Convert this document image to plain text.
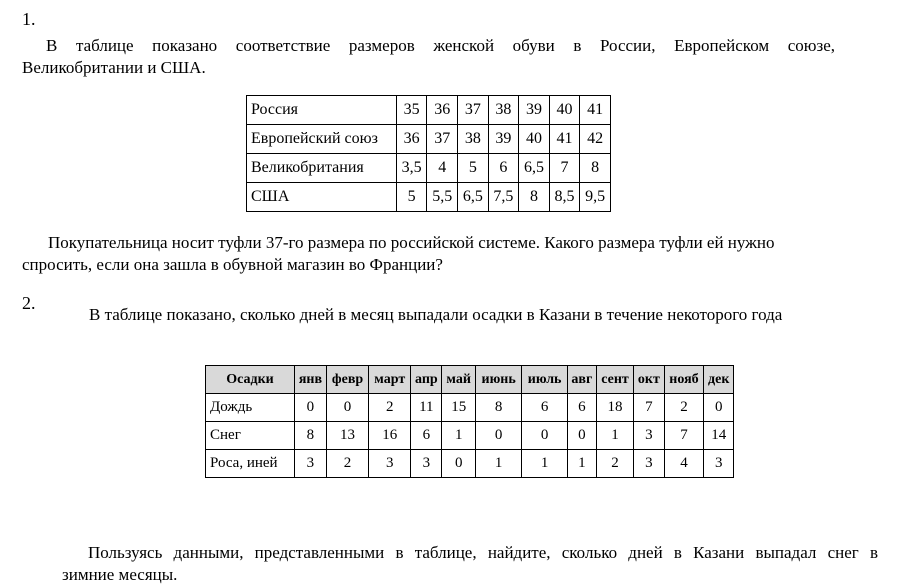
1.
В таблице показано соответствие размеров женской обуви в России, Европейском союзе,
Великобритании и США.
Россия	35	36	37	38	39	40	41
Европейский союз	36	37	38	39	40	41	42
Великобритания	3,5	4	5	6	6,5	7	8
США	5	5,5	6,5	7,5	8	8,5	9,5
Покупательница носит туфли 37-го размера по российской системе. Какого размера туфли ей нужно
спросить, если она зашла в обувной магазин во Франции?
2.
В таблице показано, сколько дней в месяц выпадали осадки в Казани в течение некоторого года
Осадки	янв	февр	март	апр	май	июнь	июль	авг	сент	окт	нояб	дек
Дождь	0	0	2	11	15	8	6	6	18	7	2	0
Снег	8	13	16	6	1	0	0	0	1	3	7	14
Роса, иней	3	2	3	3	0	1	1	1	2	3	4	3
Пользуясь данными, представленными в таблице, найдите, сколько дней в Казани выпадал снег в
зимние месяцы.
